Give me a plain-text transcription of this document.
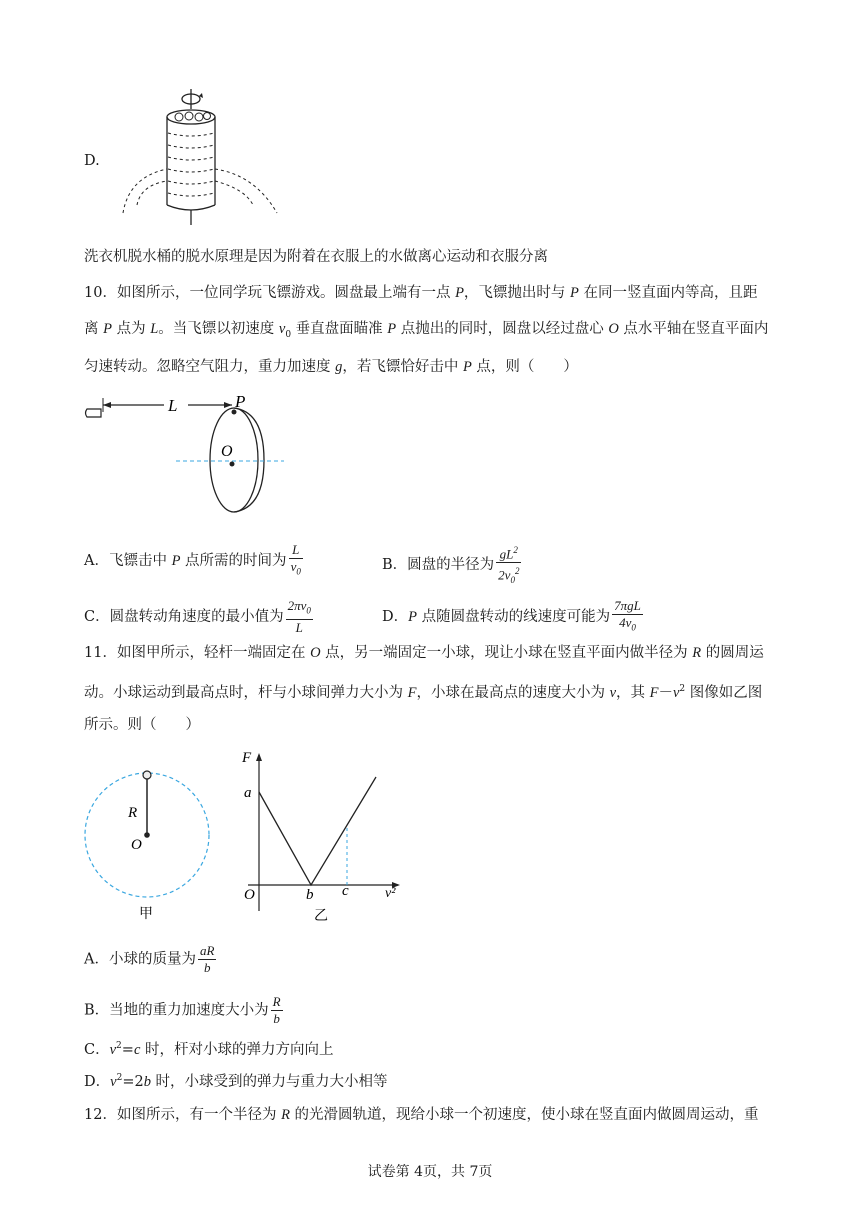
D.
洗衣机脱水桶的脱水原理是因为附着在衣服上的水做离心运动和衣服分离
10．如图所示，一位同学玩飞镖游戏。圆盘最上端有一点 P，飞镖抛出时与 P 在同一竖直面内等高，且距
离 P 点为 L。当飞镖以初速度 $v_0$ 垂直盘面瞄准 P 点抛出的同时，圆盘以经过盘心 O 点水平轴在竖直平面内
匀速转动。忽略空气阻力，重力加速度 g，若飞镖恰好击中 P 点，则（　　）
L	P
O
A．飞镖击中 P 点所需的时间为 $\frac{L}{v_0}$	B．圆盘的半径为 $\frac{gL^2}{2v_0^2}$
C．圆盘转动角速度的最小值为 $\frac{2\pi v_0}{L}$	D．P 点随圆盘转动的线速度可能为 $\frac{\text{7πgL}}{4v_0}$
11．如图甲所示，轻杆一端固定在 O 点，另一端固定一小球，现让小球在竖直平面内做半径为 R 的圆周运
动。小球运动到最高点时，杆与小球间弹力大小为 F，小球在最高点的速度大小为 v，其 $F-v^2$ 图像如乙图
所示。则（　　）
R
O
甲
F
a
O	b c	v²
乙
A．小球的质量为 $\frac{aR}{b}$
B．当地的重力加速度大小为 $\frac{R}{b}$
C．$v^2=c$ 时，杆对小球的弹力方向向上
D．$v^2=2b$ 时，小球受到的弹力与重力大小相等
12．如图所示，有一个半径为 R 的光滑圆轨道，现给小球一个初速度，使小球在竖直面内做圆周运动，重
试卷第 4页，共 7页
